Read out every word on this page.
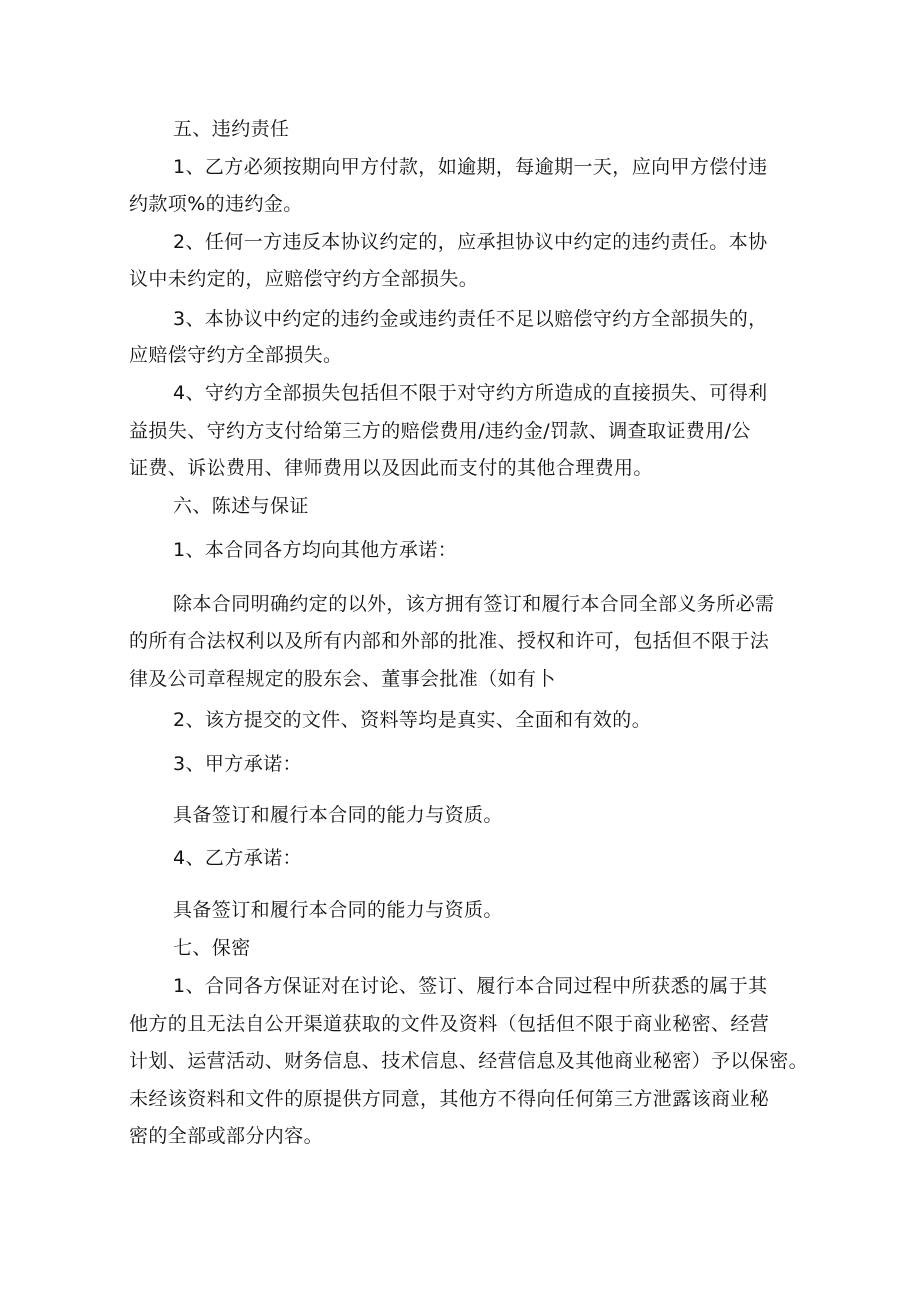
五、违约责任

1、乙方必须按期向甲方付款，如逾期，每逾期一天，应向甲方偿付违

约款项%的违约金。

2、任何一方违反本协议约定的，应承担协议中约定的违约责任。本协

议中未约定的，应赔偿守约方全部损失。

3、本协议中约定的违约金或违约责任不足以赔偿守约方全部损失的，

应赔偿守约方全部损失。

4、守约方全部损失包括但不限于对守约方所造成的直接损失、可得利

益损失、守约方支付给第三方的赔偿费用/违约金/罚款、调查取证费用/公

证费、诉讼费用、律师费用以及因此而支付的其他合理费用。

六、陈述与保证

1、本合同各方均向其他方承诺：

除本合同明确约定的以外，该方拥有签订和履行本合同全部义务所必需

的所有合法权利以及所有内部和外部的批准、授权和许可，包括但不限于法

律及公司章程规定的股东会、董事会批准（如有卜

2、该方提交的文件、资料等均是真实、全面和有效的。

3、甲方承诺：

具备签订和履行本合同的能力与资质。

4、乙方承诺：

具备签订和履行本合同的能力与资质。

七、保密

1、合同各方保证对在讨论、签订、履行本合同过程中所获悉的属于其

他方的且无法自公开渠道获取的文件及资料（包括但不限于商业秘密、经营

计划、运营活动、财务信息、技术信息、经营信息及其他商业秘密）予以保密。

未经该资料和文件的原提供方同意，其他方不得向任何第三方泄露该商业秘

密的全部或部分内容。
